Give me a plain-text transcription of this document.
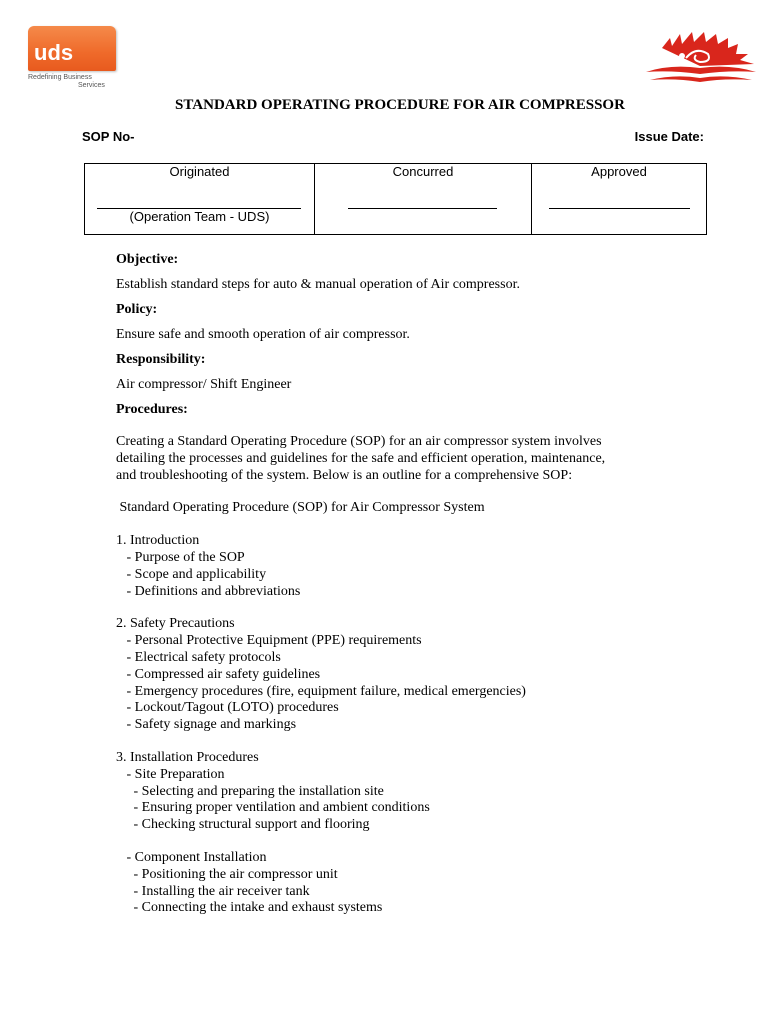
uds
Redefining Business
Services
STANDARD OPERATING PROCEDURE FOR AIR COMPRESSOR
SOP No-	Issue Date:
Originated
(Operation Team - UDS)
Concurred	Approved

Objective:

Establish standard steps for auto & manual operation of Air compressor.

Policy:

Ensure safe and smooth operation of air compressor.

Responsibility:

Air compressor/ Shift Engineer

Procedures:

Creating a Standard Operating Procedure (SOP) for an air compressor system involves

detailing the processes and guidelines for the safe and efficient operation, maintenance,

and troubleshooting of the system. Below is an outline for a comprehensive SOP:

Standard Operating Procedure (SOP) for Air Compressor System

1. Introduction

- Purpose of the SOP

- Scope and applicability

- Definitions and abbreviations

2. Safety Precautions

- Personal Protective Equipment (PPE) requirements

- Electrical safety protocols

- Compressed air safety guidelines

- Emergency procedures (fire, equipment failure, medical emergencies)

- Lockout/Tagout (LOTO) procedures

- Safety signage and markings

3. Installation Procedures

- Site Preparation

- Selecting and preparing the installation site

- Ensuring proper ventilation and ambient conditions

- Checking structural support and flooring

- Component Installation

- Positioning the air compressor unit

- Installing the air receiver tank

- Connecting the intake and exhaust systems
